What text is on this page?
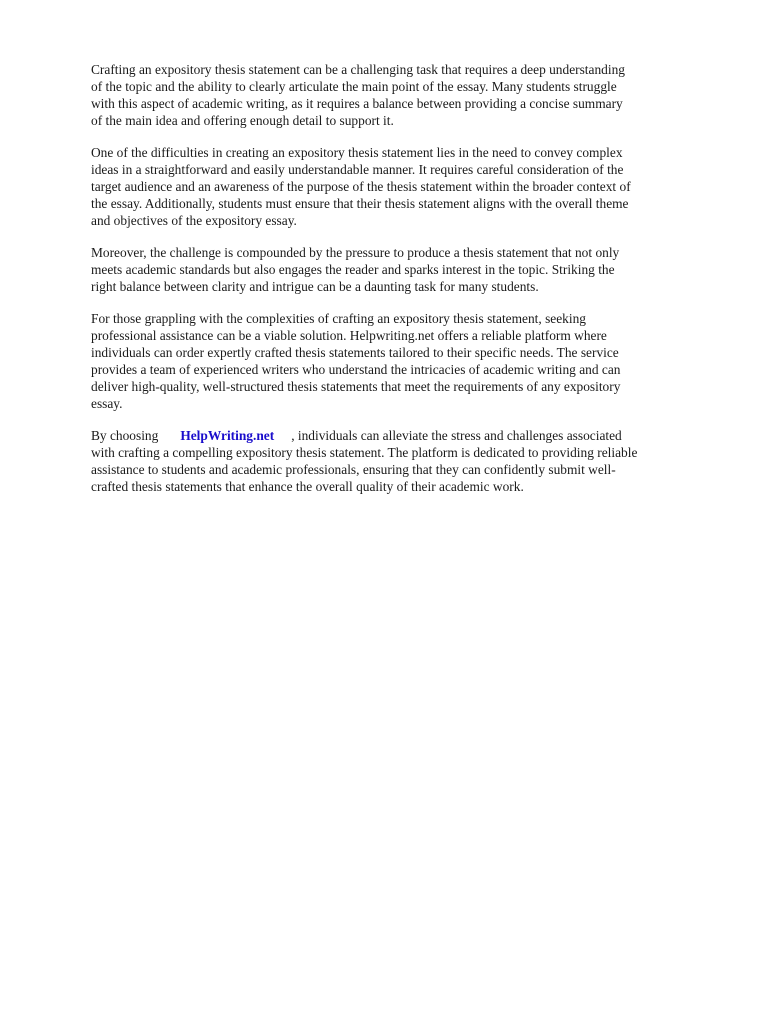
Crafting an expository thesis statement can be a challenging task that requires a deep understanding
of the topic and the ability to clearly articulate the main point of the essay. Many students struggle
with this aspect of academic writing, as it requires a balance between providing a concise summary
of the main idea and offering enough detail to support it.

One of the difficulties in creating an expository thesis statement lies in the need to convey complex
ideas in a straightforward and easily understandable manner. It requires careful consideration of the
target audience and an awareness of the purpose of the thesis statement within the broader context of
the essay. Additionally, students must ensure that their thesis statement aligns with the overall theme
and objectives of the expository essay.

Moreover, the challenge is compounded by the pressure to produce a thesis statement that not only
meets academic standards but also engages the reader and sparks interest in the topic. Striking the
right balance between clarity and intrigue can be a daunting task for many students.

For those grappling with the complexities of crafting an expository thesis statement, seeking
professional assistance can be a viable solution. Helpwriting.net offers a reliable platform where
individuals can order expertly crafted thesis statements tailored to their specific needs. The service
provides a team of experienced writers who understand the intricacies of academic writing and can
deliver high-quality, well-structured thesis statements that meet the requirements of any expository
essay.

By choosing HelpWriting.net , individuals can alleviate the stress and challenges associated
with crafting a compelling expository thesis statement. The platform is dedicated to providing reliable
assistance to students and academic professionals, ensuring that they can confidently submit well-
crafted thesis statements that enhance the overall quality of their academic work.
